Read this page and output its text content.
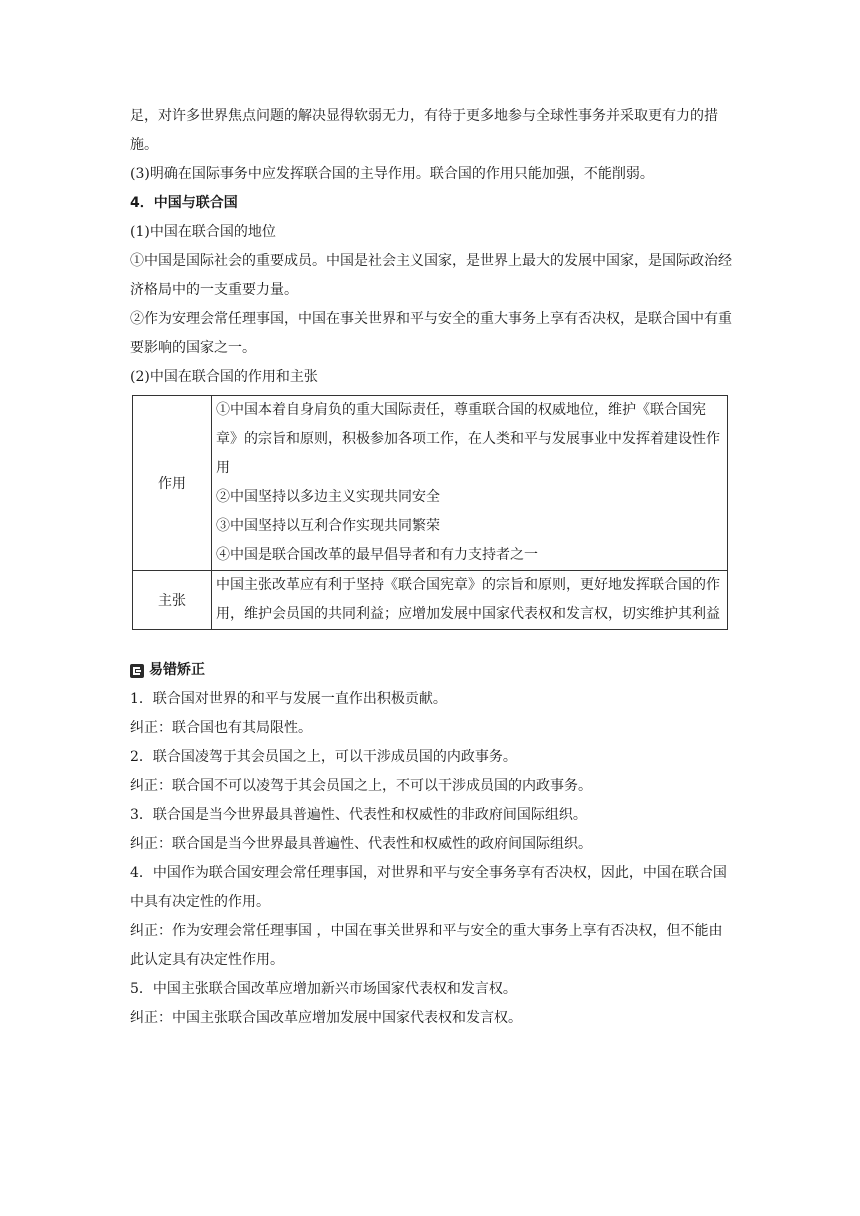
足，对许多世界焦点问题的解决显得软弱无力，有待于更多地参与全球性事务并采取更有力的措施。

(3)明确在国际事务中应发挥联合国的主导作用。联合国的作用只能加强，不能削弱。

4．中国与联合国

(1)中国在联合国的地位

①中国是国际社会的重要成员。中国是社会主义国家，是世界上最大的发展中国家，是国际政治经济格局中的一支重要力量。

②作为安理会常任理事国，中国在事关世界和平与安全的重大事务上享有否决权，是联合国中有重要影响的国家之一。

(2)中国在联合国的作用和主张

作用	①中国本着自身肩负的重大国际责任，尊重联合国的权威地位，维护《联合国宪章》的宗旨和原则，积极参加各项工作，在人类和平与发展事业中发挥着建设性作用

②中国坚持以多边主义实现共同安全

③中国坚持以互利合作实现共同繁荣

④中国是联合国改革的最早倡导者和有力支持者之一

主张	中国主张改革应有利于坚持《联合国宪章》的宗旨和原则，更好地发挥联合国的作用，维护会员国的共同利益；应增加发展中国家代表权和发言权，切实维护其利益

易错矫正

1．联合国对世界的和平与发展一直作出积极贡献。

纠正：联合国也有其局限性。

2．联合国凌驾于其会员国之上，可以干涉成员国的内政事务。

纠正：联合国不可以凌驾于其会员国之上，不可以干涉成员国的内政事务。

3．联合国是当今世界最具普遍性、代表性和权威性的非政府间国际组织。

纠正：联合国是当今世界最具普遍性、代表性和权威性的政府间国际组织。

4．中国作为联合国安理会常任理事国，对世界和平与安全事务享有否决权，因此，中国在联合国中具有决定性的作用。

纠正：作为安理会常任理事国 ，中国在事关世界和平与安全的重大事务上享有否决权，但不能由此认定具有决定性作用。

5．中国主张联合国改革应增加新兴市场国家代表权和发言权。

纠正：中国主张联合国改革应增加发展中国家代表权和发言权。
